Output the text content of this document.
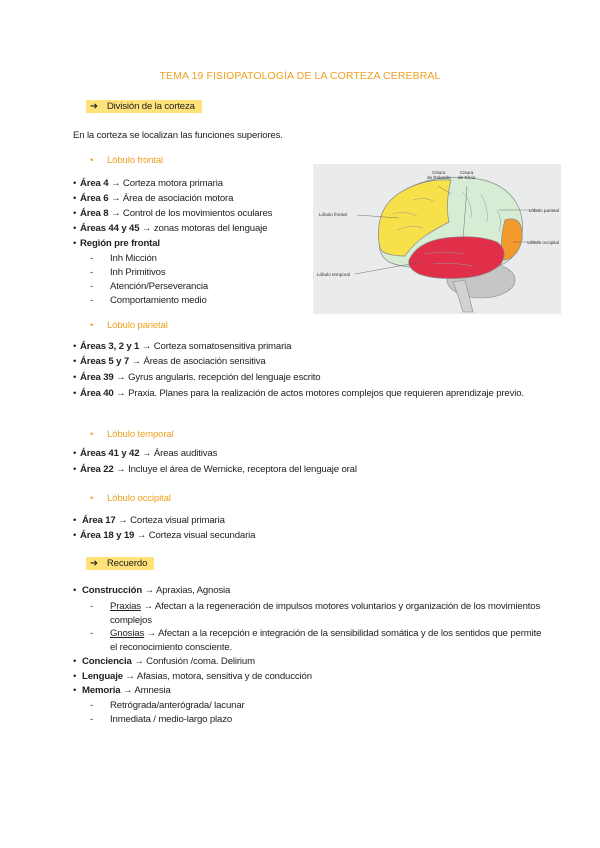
TEMA 19 FISIOPATOLOGÍA DE LA CORTEZA CEREBRAL
➔ División de la corteza
En la corteza se localizan las funciones superiores.
• Lóbulo frontal
• Área 4 → Corteza motora primaria
• Área 6 → Área de asociación motora
• Área 8 → Control de los movimientos oculares
• Áreas 44 y 45 → zonas motoras del lenguaje
• Región pre frontal
- Inh Micción
- Inh Primitivos
- Atención/Perseverancia
- Comportamiento medio
• Lóbulo parietal
• Áreas 3, 2 y 1 → Corteza somatosensitiva primaria
• Áreas 5 y 7 → Áreas de asociación sensitiva
• Área 39 → Gyrus angularis. recepción del lenguaje escrito
• Área 40 → Praxia. Planes para la realización de actos motores complejos que requieren aprendizaje previo.
• Lóbulo temporal
• Áreas 41 y 42 → Áreas auditivas
• Área 22 → Incluye el área de Wernicke, receptora del lenguaje oral
• Lóbulo occipital
• Área 17 → Corteza visual primaria
• Área 18 y 19 → Corteza visual secundaria
➔ Recuerdo
• Construcción → Apraxias, Agnosia
- Praxias → Afectan a la regeneración de impulsos motores voluntarios y organización de los movimientos complejos
- Gnosias → Afectan a la recepción e integración de la sensibilidad somática y de los sentidos que permite el reconocimiento consciente.
• Conciencia → Confusión /coma. Delirium
• Lenguaje → Afasias, motora, sensitiva y de conducción
• Memoria → Amnesia
- Retrógrada/anterógrada/ lacunar
- Inmediata / medio-largo plazo
Cisura
de Rolando
Cisura
de Silvio
Lóbulo frontal
Lóbulo temporal
Lóbulo parietal
Lóbulo occipital
